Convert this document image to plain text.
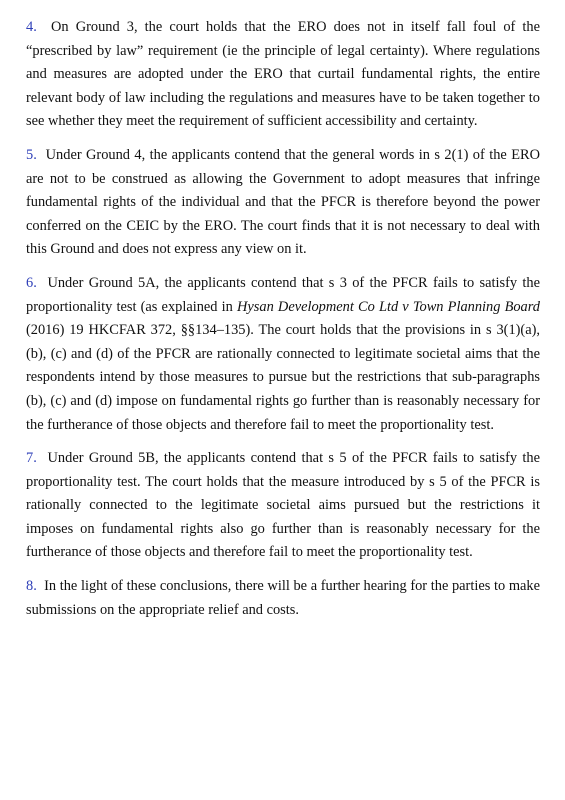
4. On Ground 3, the court holds that the ERO does not in itself fall foul of the “prescribed by law” requirement (ie the principle of legal certainty). Where regulations and measures are adopted under the ERO that curtail fundamental rights, the entire relevant body of law including the regulations and measures have to be taken together to see whether they meet the requirement of sufficient accessibility and certainty.

5. Under Ground 4, the applicants contend that the general words in s 2(1) of the ERO are not to be construed as allowing the Government to adopt measures that infringe fundamental rights of the individual and that the PFCR is therefore beyond the power conferred on the CEIC by the ERO. The court finds that it is not necessary to deal with this Ground and does not express any view on it.

6. Under Ground 5A, the applicants contend that s 3 of the PFCR fails to satisfy the proportionality test (as explained in Hysan Development Co Ltd v Town Planning Board (2016) 19 HKCFAR 372, §§134–135). The court holds that the provisions in s 3(1)(a), (b), (c) and (d) of the PFCR are rationally connected to legitimate societal aims that the respondents intend by those measures to pursue but the restrictions that sub-paragraphs (b), (c) and (d) impose on fundamental rights go further than is reasonably necessary for the furtherance of those objects and therefore fail to meet the proportionality test.

7. Under Ground 5B, the applicants contend that s 5 of the PFCR fails to satisfy the proportionality test. The court holds that the measure introduced by s 5 of the PFCR is rationally connected to the legitimate societal aims pursued but the restrictions it imposes on fundamental rights also go further than is reasonably necessary for the furtherance of those objects and therefore fail to meet the proportionality test.

8. In the light of these conclusions, there will be a further hearing for the parties to make submissions on the appropriate relief and costs.
